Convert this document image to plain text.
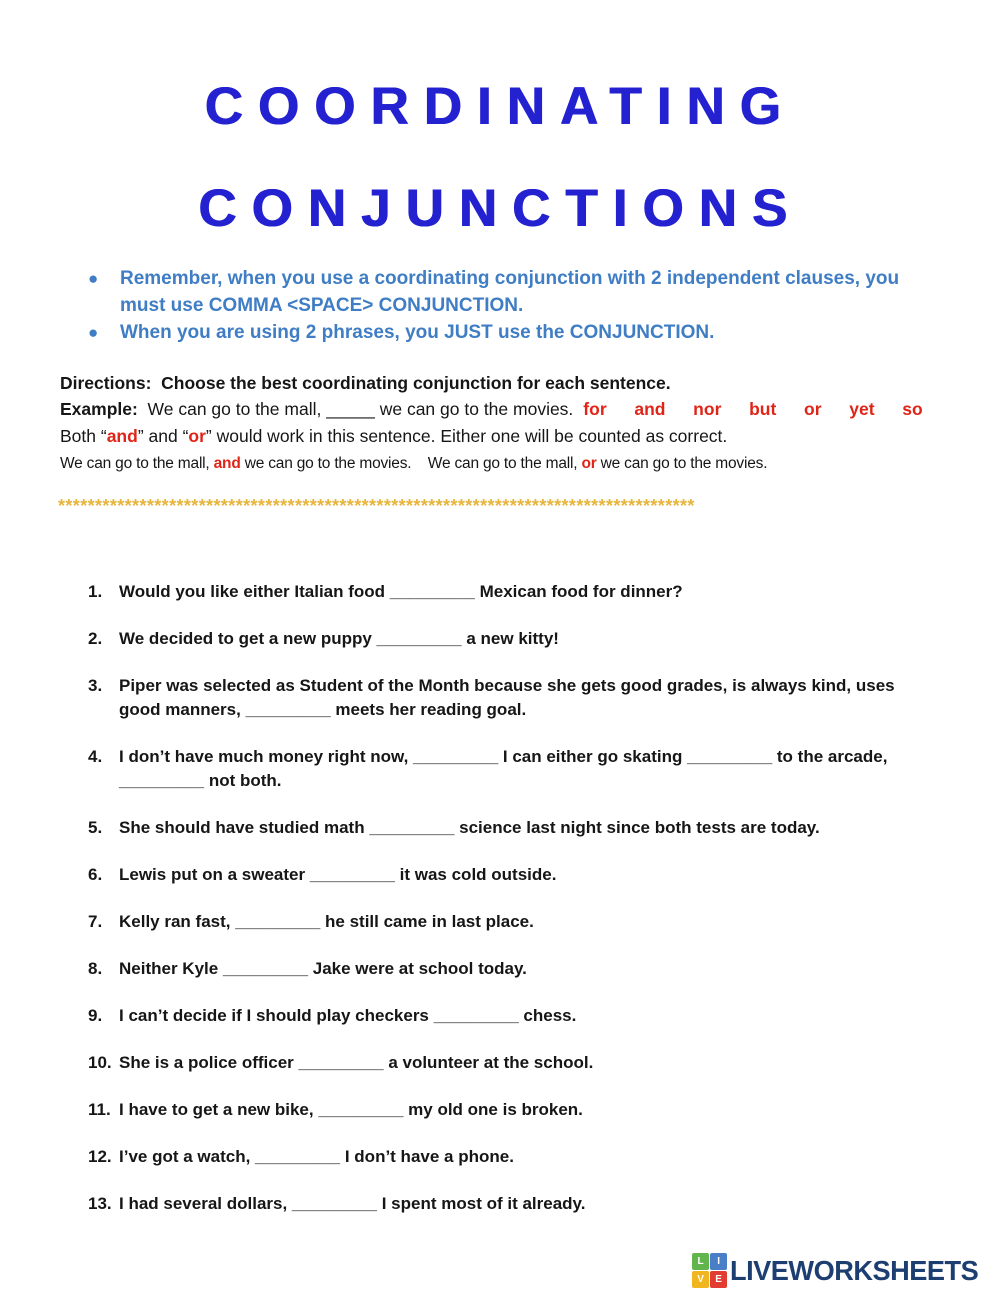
COORDINATING
CONJUNCTIONS
●	Remember, when you use a coordinating conjunction with 2 independent clauses, you must use COMMA <SPACE> CONJUNCTION.
●	When you are using 2 phrases, you JUST use the CONJUNCTION.
Directions:  Choose the best coordinating conjunction for each sentence.
Example:  We can go to the mall, _____ we can go to the movies. for  and  nor  but  or  yet  so
Both “and” and “or” would work in this sentence. Either one will be counted as correct.
We can go to the mall, and we can go to the movies.    We can go to the mall, or we can go to the movies.
**************************************************************************************
1. Would you like either Italian food _________ Mexican food for dinner?
2. We decided to get a new puppy _________ a new kitty!
3. Piper was selected as Student of the Month because she gets good grades, is always kind, uses good manners, _________ meets her reading goal.
4. I don’t have much money right now, _________ I can either go skating _________ to the arcade, _________ not both.
5. She should have studied math _________ science last night since both tests are today.
6. Lewis put on a sweater _________ it was cold outside.
7. Kelly ran fast, _________ he still came in last place.
8. Neither Kyle _________ Jake were at school today.
9. I can’t decide if I should play checkers _________ chess.
10. She is a police officer _________ a volunteer at the school.
11. I have to get a new bike, _________ my old one is broken.
12. I’ve got a watch, _________ I don’t have a phone.
13. I had several dollars, _________ I spent most of it already.
L	I
V	E LIVEWORKSHEETS
